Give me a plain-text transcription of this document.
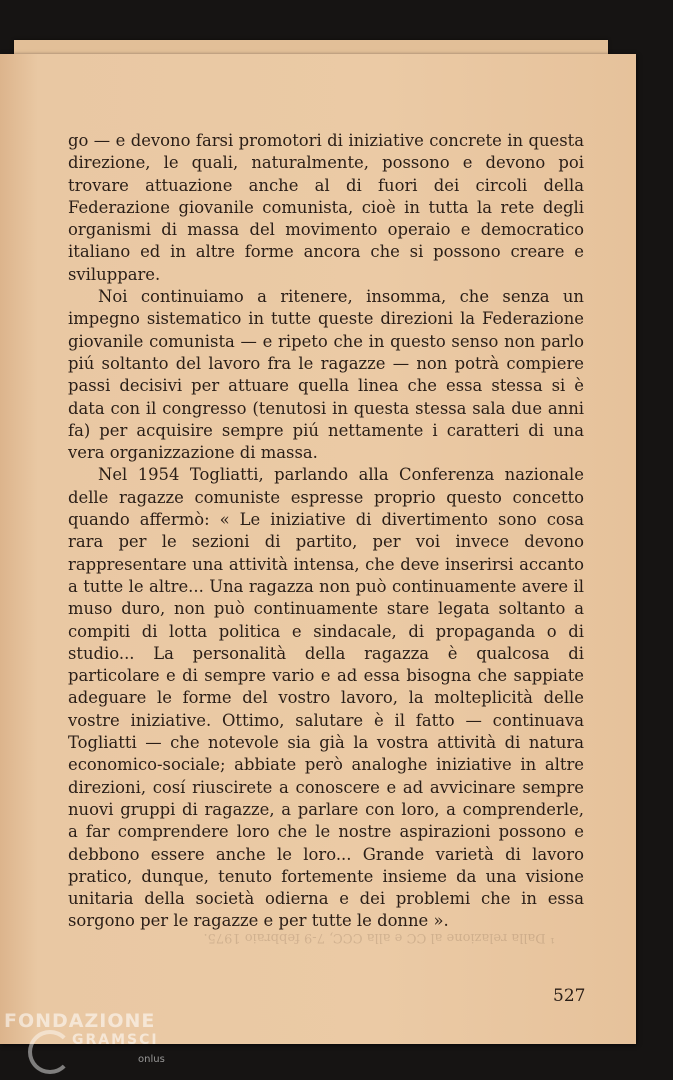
go — e devono farsi promotori di iniziative concrete in questa direzione, le quali, naturalmente, possono e devono poi trovare attuazione anche al di fuori dei circoli della Federazione giovanile comunista, cioè in tutta la rete degli organismi di massa del movimento operaio e democratico italiano ed in altre forme ancora che si possono creare e sviluppare.

Noi continuiamo a ritenere, insomma, che senza un impegno sistematico in tutte queste direzioni la Federazione giovanile comunista — e ripeto che in questo senso non parlo piú soltanto del lavoro fra le ragazze — non potrà compiere passi decisivi per attuare quella linea che essa stessa si è data con il congresso (tenutosi in questa stessa sala due anni fa) per acquisire sempre piú nettamente i caratteri di una vera organizzazione di massa.

Nel 1954 Togliatti, parlando alla Conferenza nazionale delle ragazze comuniste espresse proprio questo concetto quando affermò: « Le iniziative di divertimento sono cosa rara per le sezioni di partito, per voi invece devono rappresentare una attività intensa, che deve inserirsi accanto a tutte le altre... Una ragazza non può continuamente avere il muso duro, non può continuamente stare legata soltanto a compiti di lotta politica e sindacale, di propaganda o di studio... La personalità della ragazza è qualcosa di particolare e di sempre vario e ad essa bisogna che sappiate adeguare le forme del vostro lavoro, la molteplicità delle vostre iniziative. Ottimo, salutare è il fatto — continuava Togliatti — che notevole sia già la vostra attività di natura economico-sociale; abbiate però analoghe iniziative in altre direzioni, cosí riuscirete a conoscere e ad avvicinare sempre nuovi gruppi di ragazze, a parlare con loro, a comprenderle, a far comprendere loro che le nostre aspirazioni possono e debbono essere anche le loro... Grande varietà di lavoro pratico, dunque, tenuto fortemente insieme da una visione unitaria della società odierna e dei problemi che in essa sorgono per le ragazze e per tutte le donne ».

¹ Dalla relazione al CC e alla CCC, 7-9 febbraio 1975.
527
FONDAZIONE
GRAMSCI
onlus
